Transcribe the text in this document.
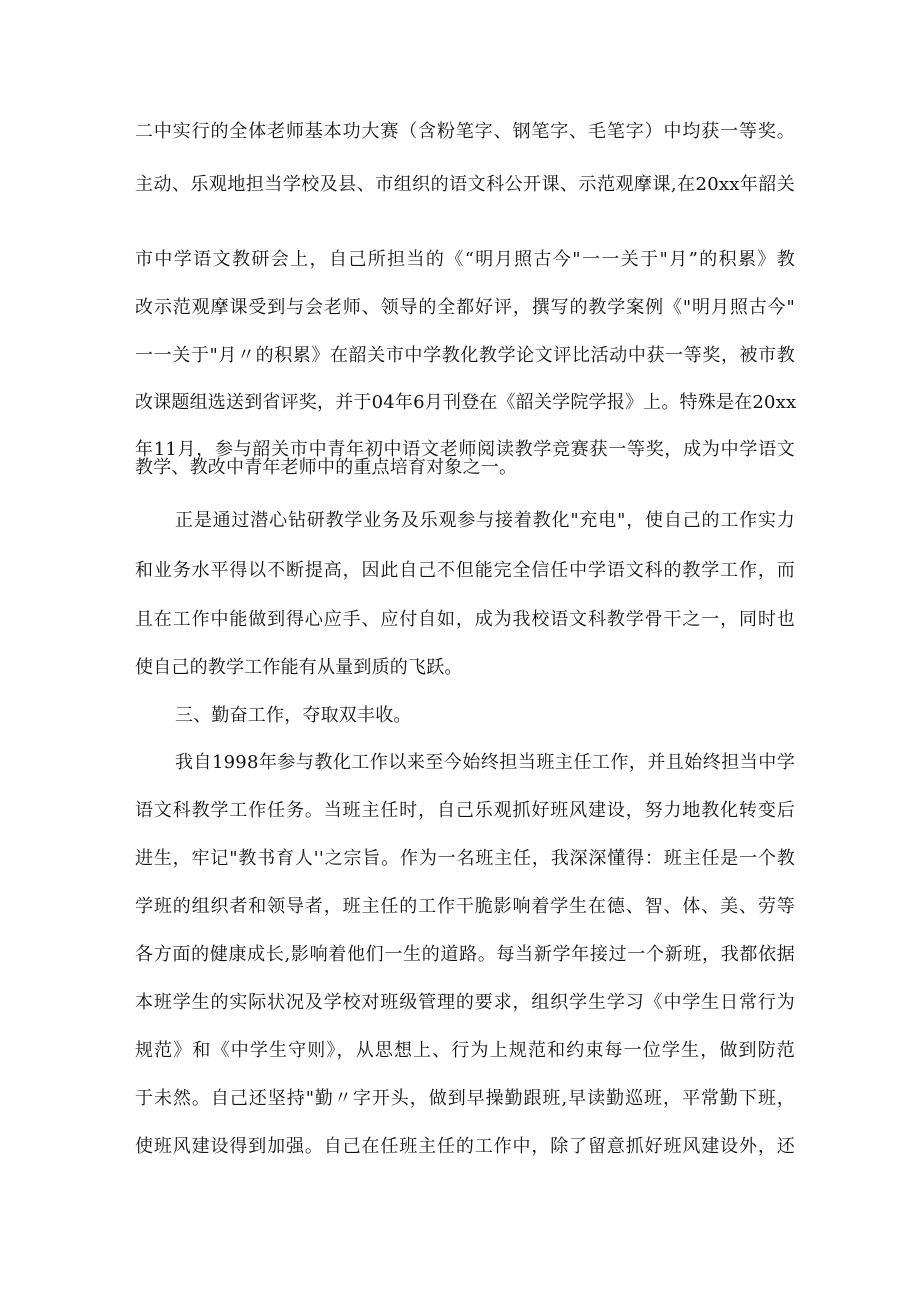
二中实行的全体老师基本功大赛（含粉笔字、钢笔字、毛笔字）中均获一等奖。
主动、乐观地担当学校及县、市组织的语文科公开课、示范观摩课,在20xx年韶关
市中学语文教研会上，自己所担当的《“明月照古今"一一关于"月”的积累》教
改示范观摩课受到与会老师、领导的全都好评，撰写的教学案例《"明月照古今"
一一关于"月〃的积累》在韶关市中学教化教学论文评比活动中获一等奖，被市教
改课题组选送到省评奖，并于04年6月刊登在《韶关学院学报》上。特殊是在20xx
年11月，参与韶关市中青年初中语文老师阅读教学竞赛获一等奖，成为中学语文
教学、教改中青年老师中的重点培育对象之一。
正是通过潜心钻研教学业务及乐观参与接着教化"充电"，使自己的工作实力
和业务水平得以不断提高，因此自己不但能完全信任中学语文科的教学工作，而
且在工作中能做到得心应手、应付自如，成为我校语文科教学骨干之一，同时也
使自己的教学工作能有从量到质的飞跃。
三、勤奋工作，夺取双丰收。
我自1998年参与教化工作以来至今始终担当班主任工作，并且始终担当中学
语文科教学工作任务。当班主任时，自己乐观抓好班风建设，努力地教化转变后
进生，牢记"教书育人''之宗旨。作为一名班主任，我深深懂得：班主任是一个教
学班的组织者和领导者，班主任的工作干脆影响着学生在德、智、体、美、劳等
各方面的健康成长,影响着他们一生的道路。每当新学年接过一个新班，我都依据
本班学生的实际状况及学校对班级管理的要求，组织学生学习《中学生日常行为
规范》和《中学生守则》，从思想上、行为上规范和约束每一位学生，做到防范
于未然。自己还坚持"勤〃字开头，做到早操勤跟班,早读勤巡班，平常勤下班，
使班风建设得到加强。自己在任班主任的工作中，除了留意抓好班风建设外，还
